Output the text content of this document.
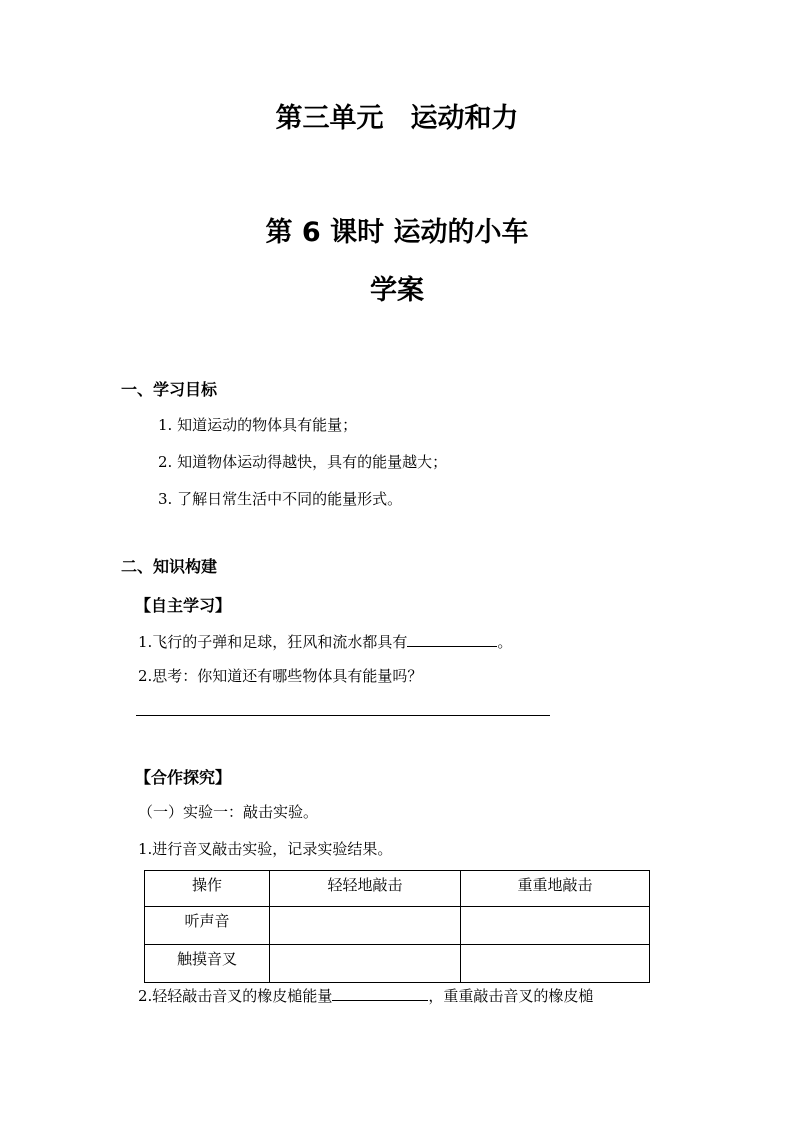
第三单元　运动和力
第 6 课时 运动的小车
学案
一、学习目标
1. 知道运动的物体具有能量；
2. 知道物体运动得越快，具有的能量越大；
3. 了解日常生活中不同的能量形式。
二、知识构建
【自主学习】
1.飞行的子弹和足球，狂风和流水都具有	。
2.思考：你知道还有哪些物体具有能量吗？
【合作探究】
（一）实验一：敲击实验。
1.进行音叉敲击实验，记录实验结果。
操作	轻轻地敲击	重重地敲击
听声音		
触摸音叉		
2.轻轻敲击音叉的橡皮槌能量	，重重敲击音叉的橡皮槌
